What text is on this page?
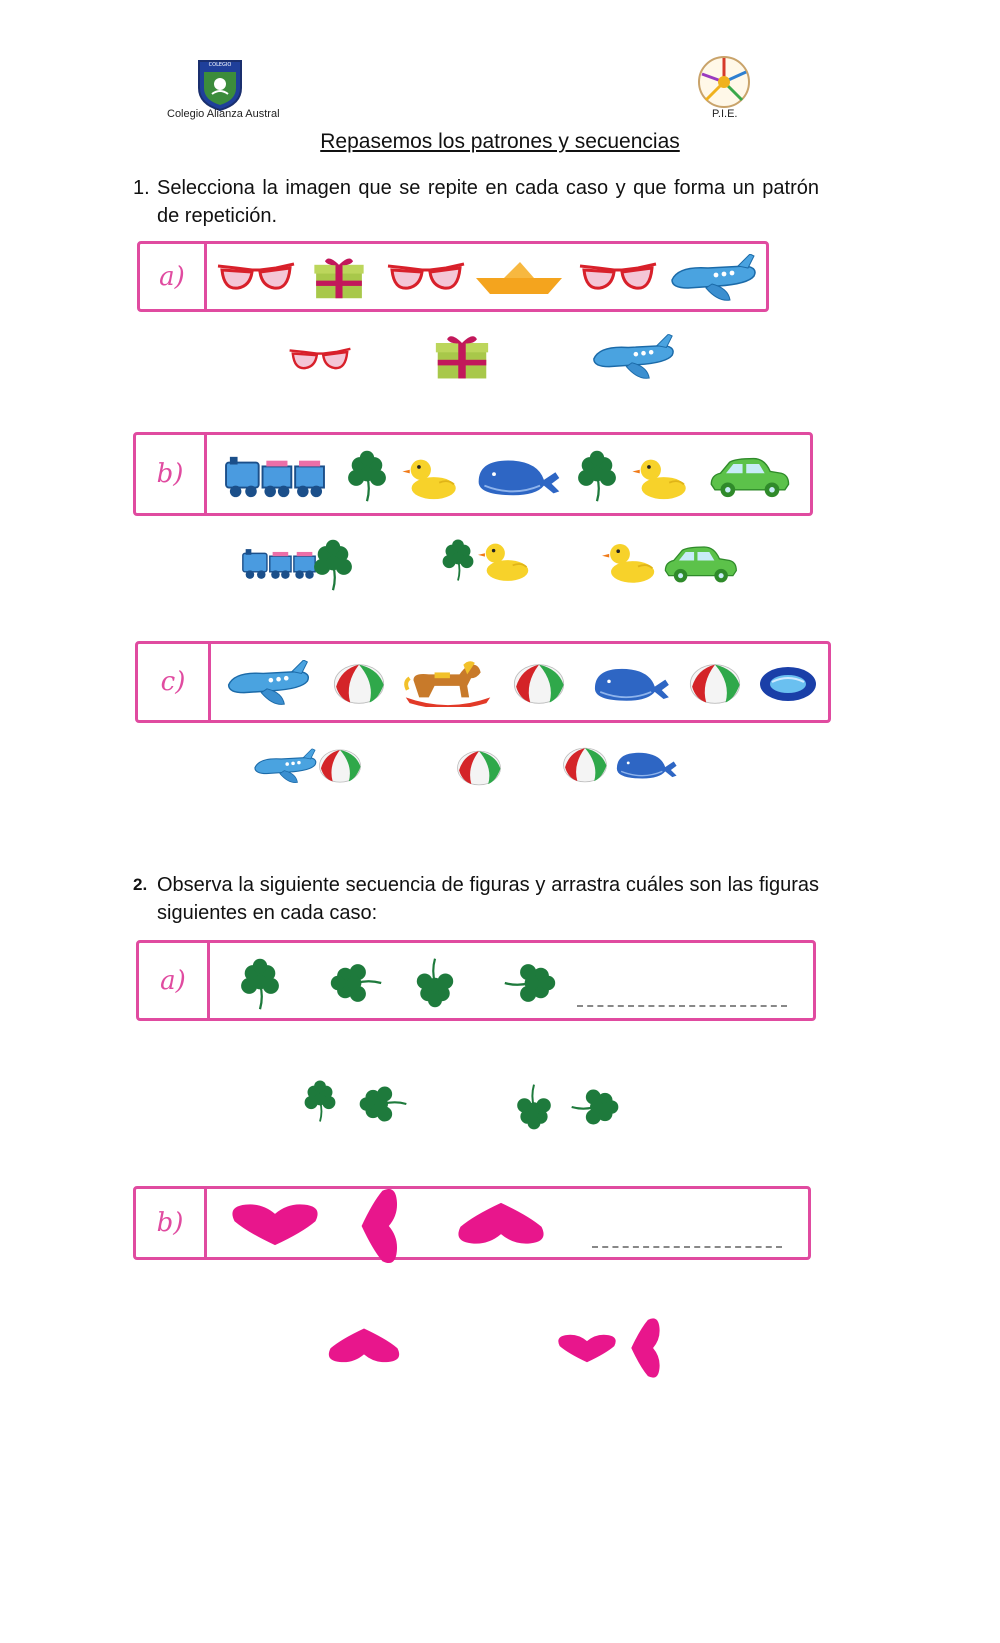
COLEGIO
Colegio Alianza Austral	P.I.E.
Repasemos los patrones y secuencias
1. Selecciona la imagen que se repite en cada caso y que forma un patrón de repetición.
a)
b)
c)
2. Observa la siguiente secuencia de figuras y arrastra cuáles son las figuras siguientes en cada caso:
a)
b)
